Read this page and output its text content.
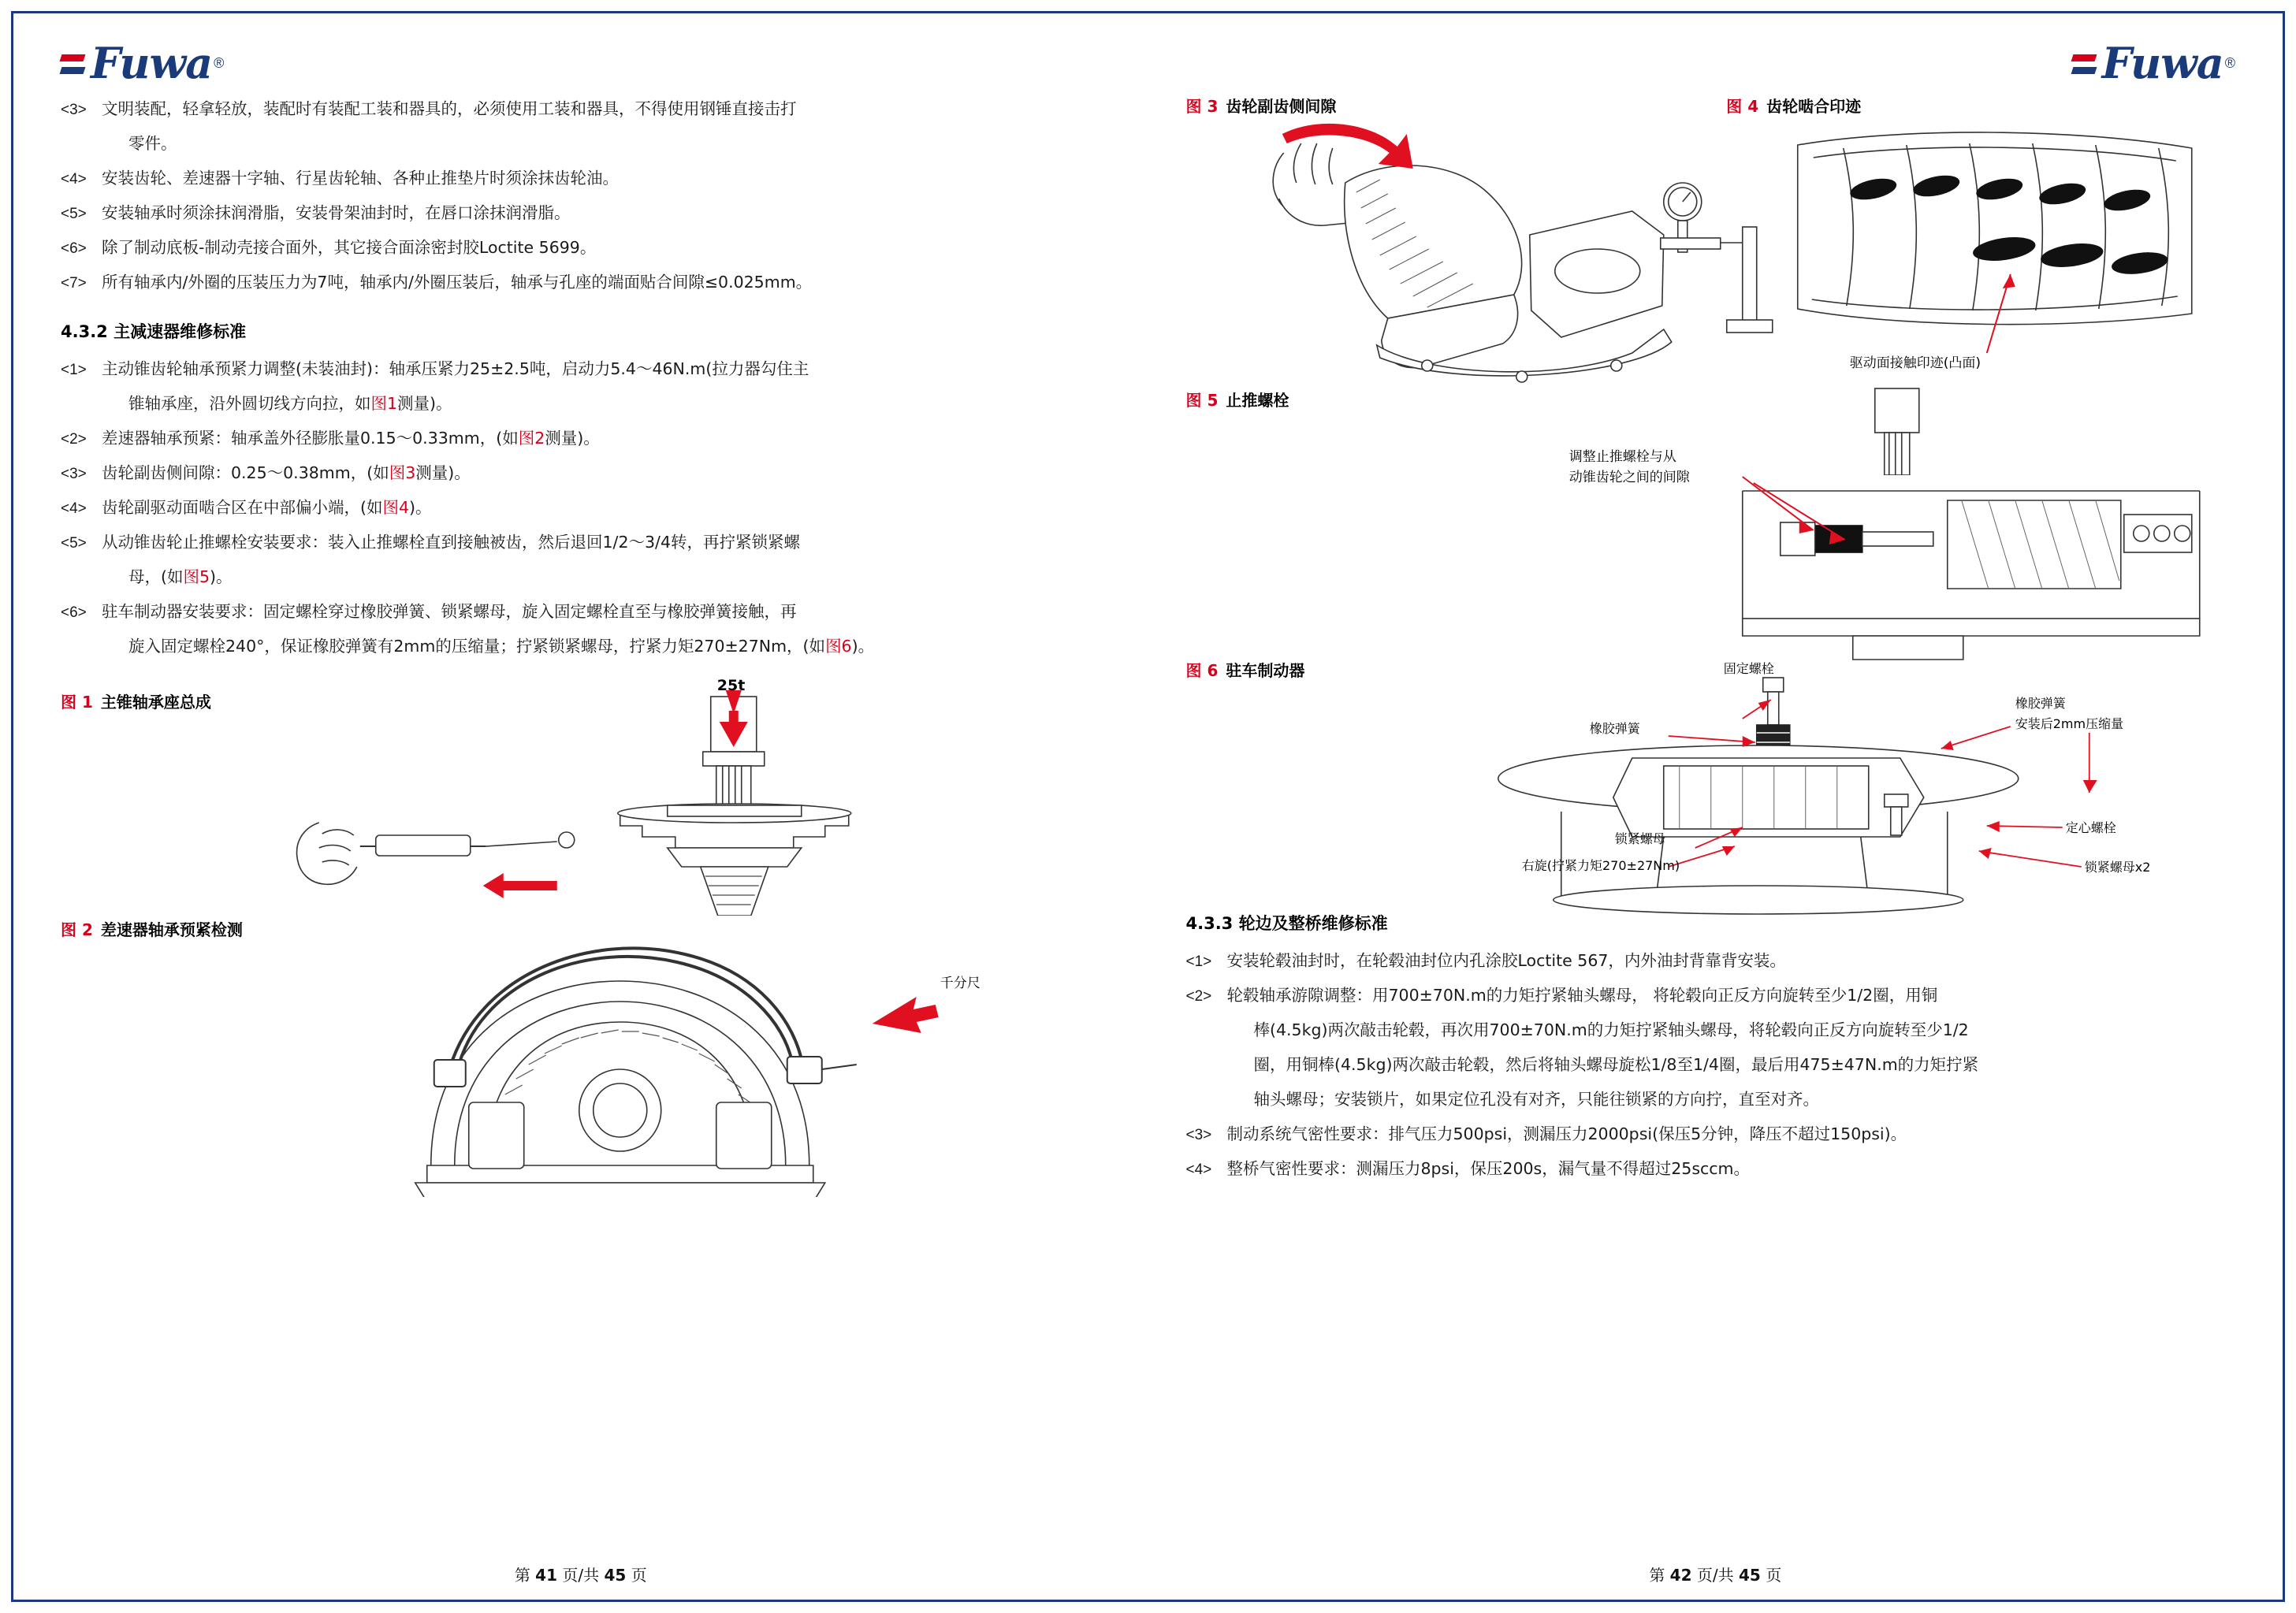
Fuwa ®
<3> 文明装配，轻拿轻放，装配时有装配工装和器具的，必须使用工装和器具，不得使用钢锤直接击打
零件。
<4> 安装齿轮、差速器十字轴、行星齿轮轴、各种止推垫片时须涂抹齿轮油。
<5> 安装轴承时须涂抹润滑脂，安装骨架油封时，在唇口涂抹润滑脂。
<6> 除了制动底板-制动壳接合面外，其它接合面涂密封胶Loctite 5699。
<7> 所有轴承内/外圈的压装压力为7吨，轴承内/外圈压装后，轴承与孔座的端面贴合间隙≤0.025mm。
4.3.2 主减速器维修标准
<1> 主动锥齿轮轴承预紧力调整(未装油封)：轴承压紧力25±2.5吨，启动力5.4～46N.m(拉力器勾住主
锥轴承座，沿外圆切线方向拉，如图1测量)。
<2> 差速器轴承预紧：轴承盖外径膨胀量0.15～0.33mm，(如图2测量)。
<3> 齿轮副齿侧间隙：0.25～0.38mm，(如图3测量)。
<4> 齿轮副驱动面啮合区在中部偏小端，(如图4)。
<5> 从动锥齿轮止推螺栓安装要求：装入止推螺栓直到接触被齿，然后退回1/2～3/4转，再拧紧锁紧螺
母，(如图5)。
<6> 驻车制动器安装要求：固定螺栓穿过橡胶弹簧、锁紧螺母，旋入固定螺栓直至与橡胶弹簧接触，再
旋入固定螺栓240°，保证橡胶弹簧有2mm的压缩量；拧紧锁紧螺母，拧紧力矩270±27Nm，(如图6)。
图 1 主锥轴承座总成
25t
图 2 差速器轴承预紧检测
千分尺
第 41 页/共 45 页
Fuwa ®
图 3 齿轮副齿侧间隙	图 4 齿轮啮合印迹
驱动面接触印迹(凸面)
图 5 止推螺栓
调整止推螺栓与从
动锥齿轮之间的间隙
图 6 驻车制动器	固定螺栓
橡胶弹簧
橡胶弹簧
安装后2mm压缩量
锁紧螺母
右旋(拧紧力矩270±27Nm)
定心螺栓
锁紧螺母x2
4.3.3 轮边及整桥维修标准
<1> 安装轮毂油封时，在轮毂油封位内孔涂胶Loctite 567，内外油封背靠背安装。
<2> 轮毂轴承游隙调整：用700±70N.m的力矩拧紧轴头螺母， 将轮毂向正反方向旋转至少1/2圈，用铜
棒(4.5kg)两次敲击轮毂，再次用700±70N.m的力矩拧紧轴头螺母，将轮毂向正反方向旋转至少1/2
圈，用铜棒(4.5kg)两次敲击轮毂，然后将轴头螺母旋松1/8至1/4圈，最后用475±47N.m的力矩拧紧
轴头螺母；安装锁片，如果定位孔没有对齐，只能往锁紧的方向拧，直至对齐。
<3> 制动系统气密性要求：排气压力500psi，测漏压力2000psi(保压5分钟，降压不超过150psi)。
<4> 整桥气密性要求：测漏压力8psi，保压200s，漏气量不得超过25sccm。
第 42 页/共 45 页
